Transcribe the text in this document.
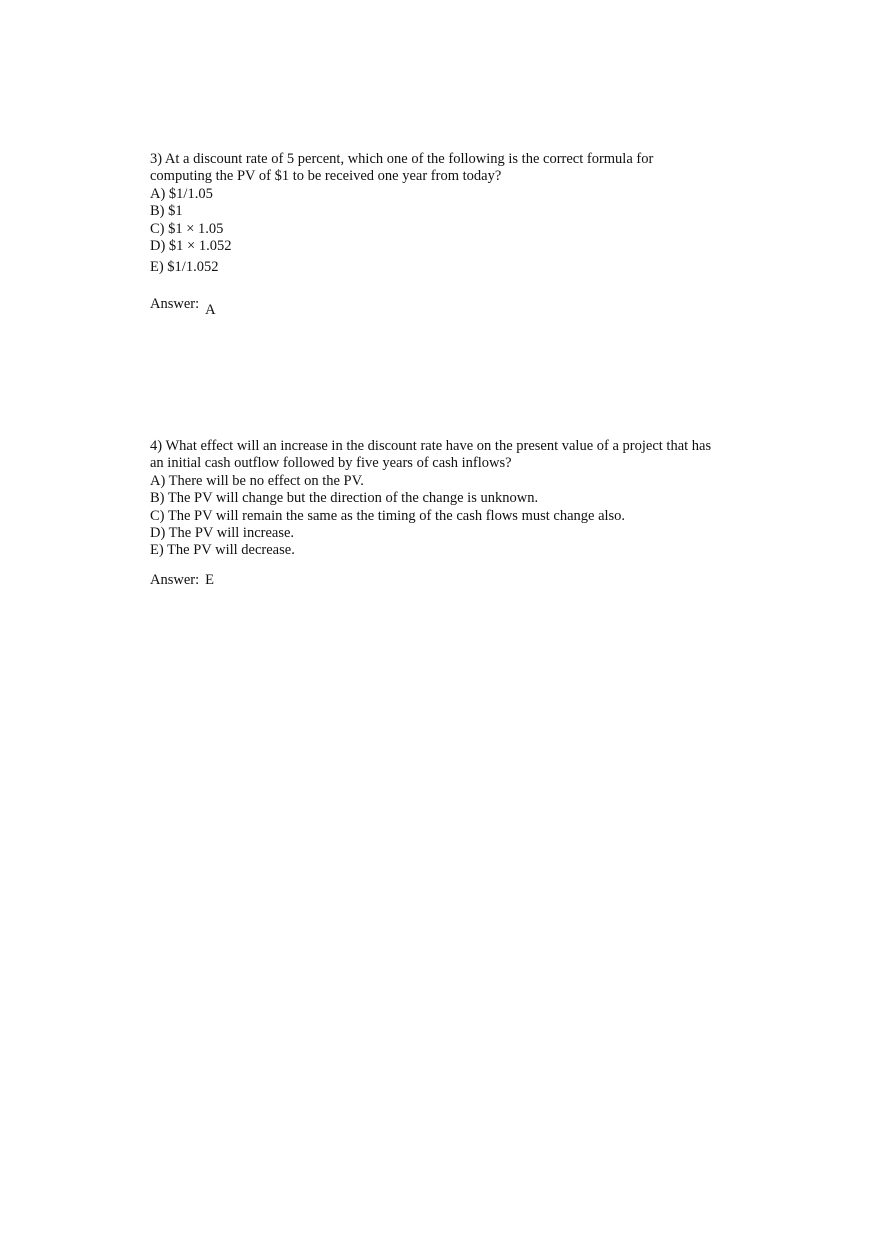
3) At a discount rate of 5 percent, which one of the following is the correct formula for
computing the PV of $1 to be received one year from today?

A) $1/1.05
B) $1
C) $1 × 1.05
D) $1 × 1.052
E) $1/1.052

Answer: A

4) What effect will an increase in the discount rate have on the present value of a project that has
an initial cash outflow followed by five years of cash inflows?

A) There will be no effect on the PV.
B) The PV will change but the direction of the change is unknown.
C) The PV will remain the same as the timing of the cash flows must change also.
D) The PV will increase.
E) The PV will decrease.

Answer: E
